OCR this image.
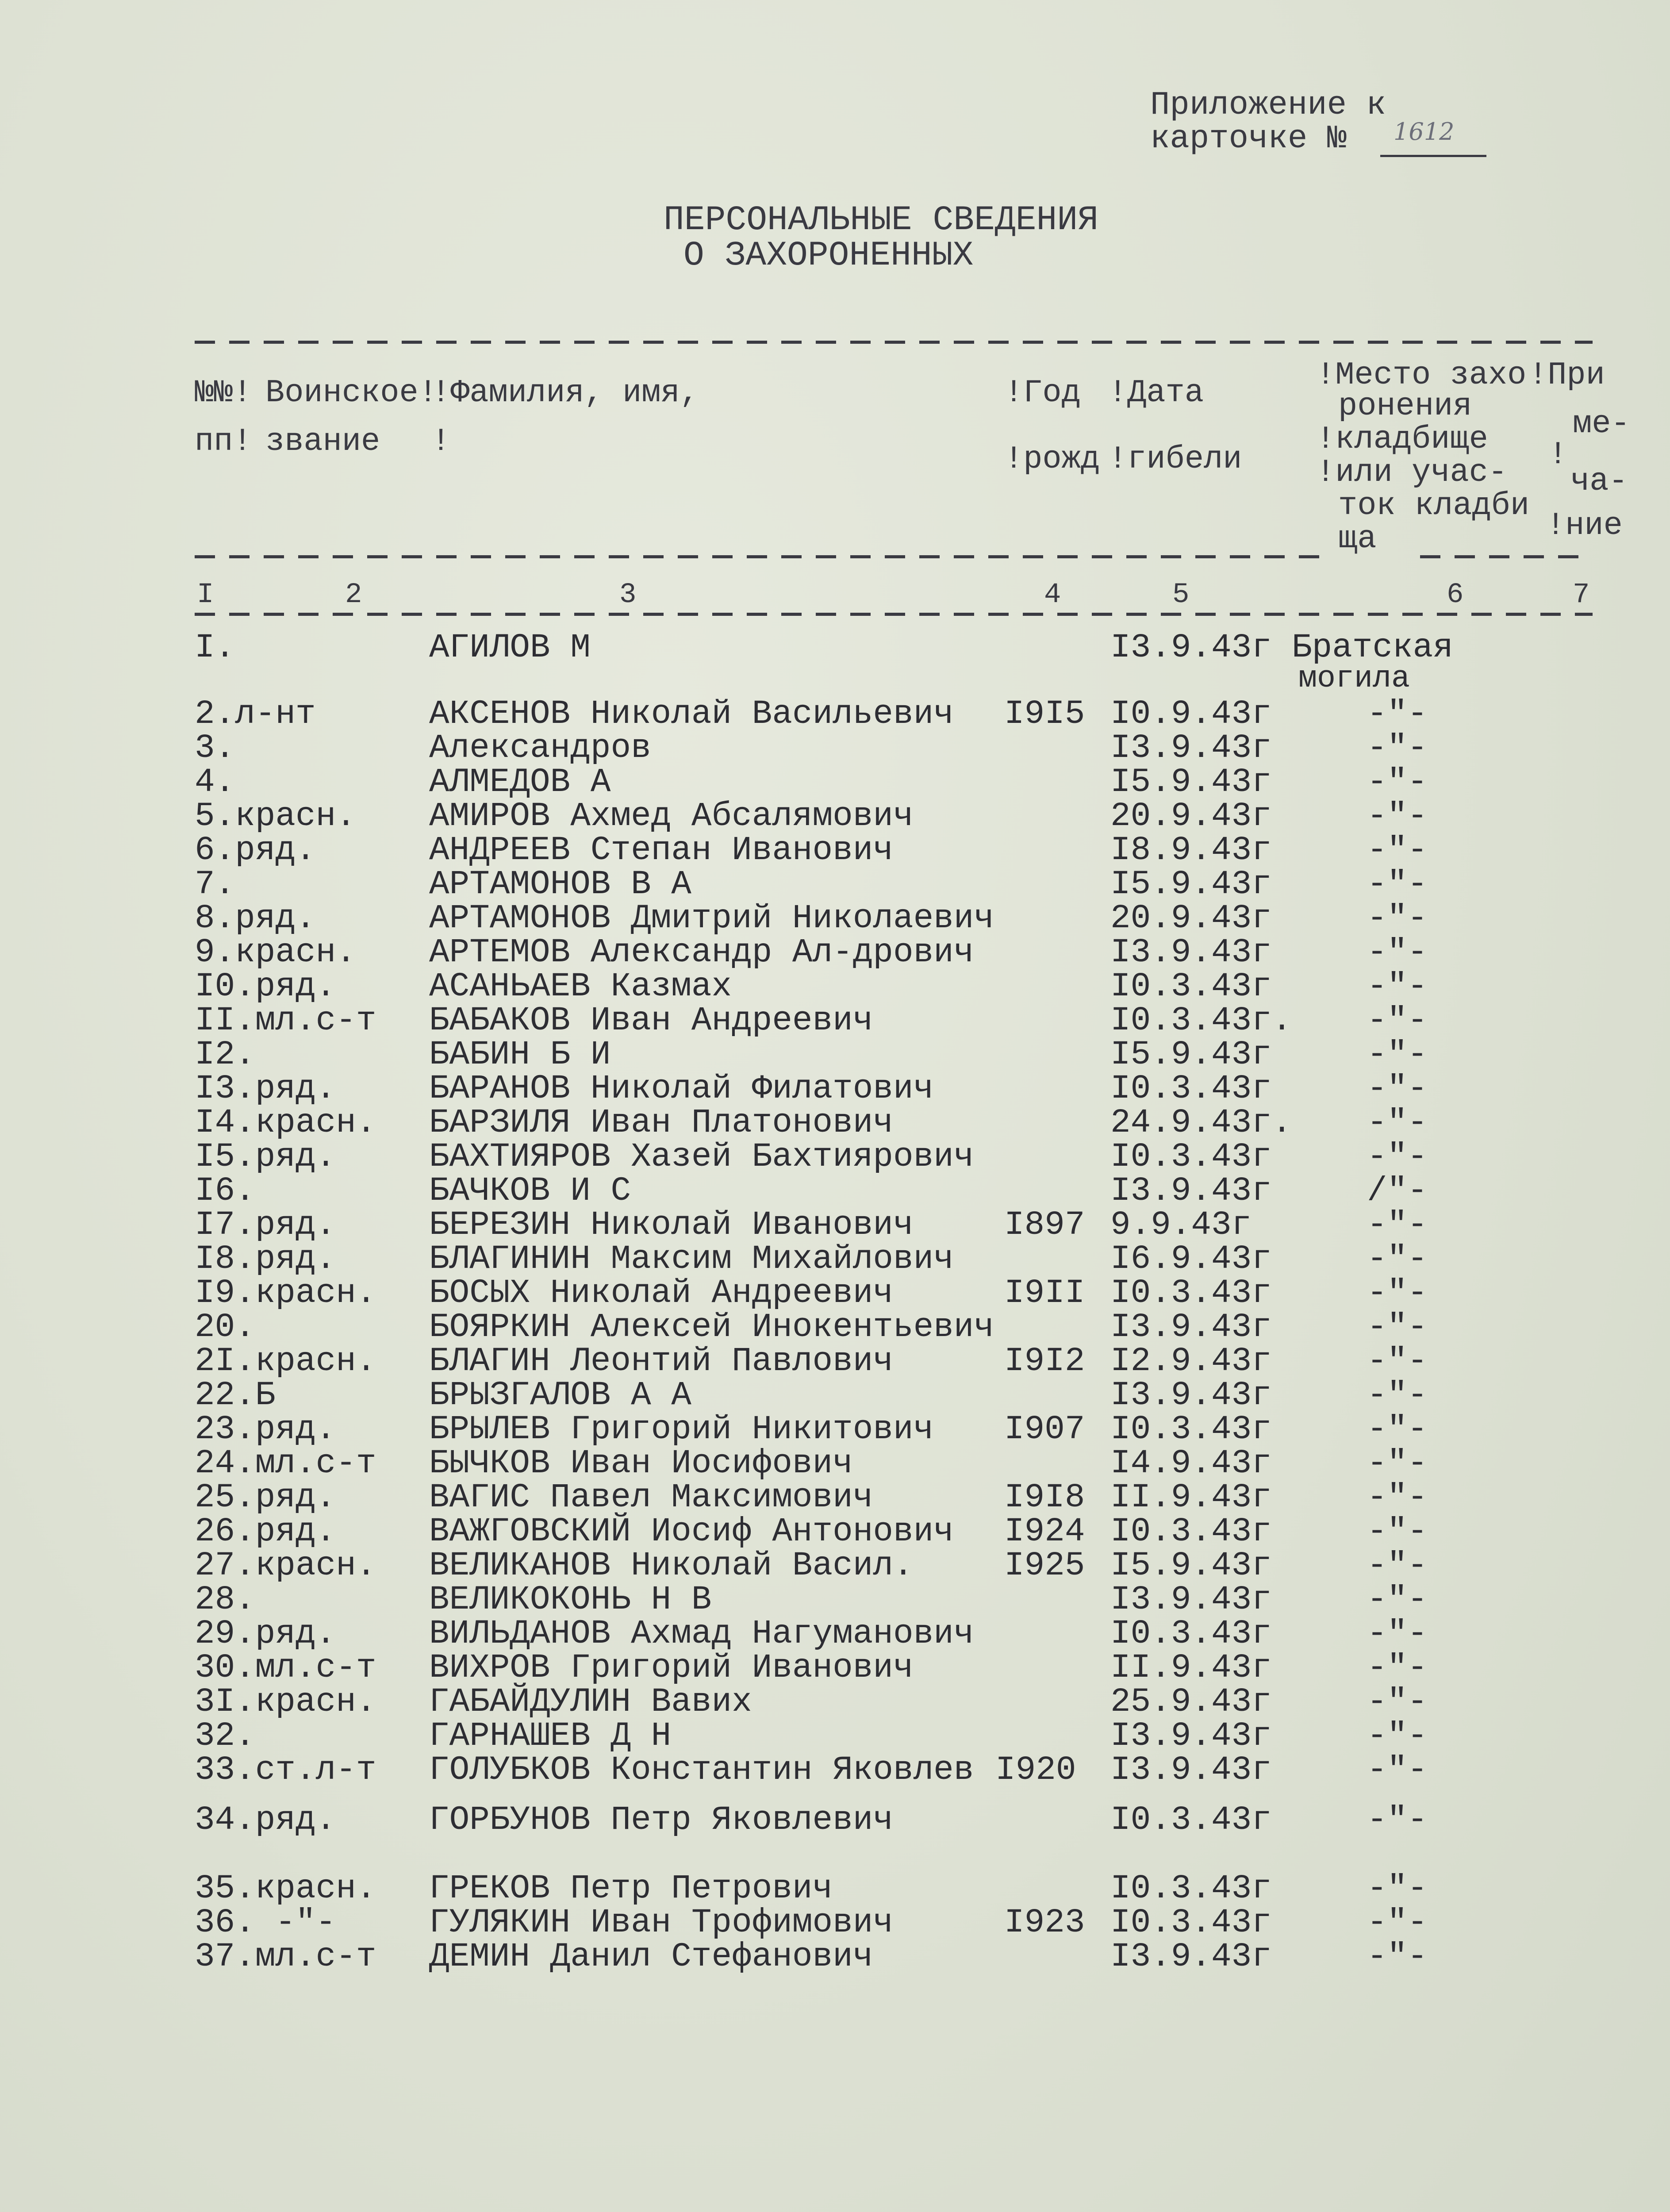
Приложение к
карточке № 1612
ПЕРСОНАЛЬНЫЕ СВЕДЕНИЯ
О ЗАХОРОНЕННЫХ
№№!
пп!
Воинское!
звание
!Фамилия, имя,
!
!Год
!рожд
!Дата
!гибели
!Место захо
ронения
!кладбище
!или учас-
ток кладби
ща
!При
ме-
!
ча-
!ние
I	2	3	4	5	6	7
I.	АГИЛОВ М	I3.9.43г Братская
могила
2.л-нт	АКСЕНОВ Николай Васильевич I9I5 I0.9.43г	-"-
3.	Александров	I3.9.43г	-"-
4.	АЛМЕДОВ А	I5.9.43г	-"-
5.красн. АМИРОВ Ахмед Абсалямович	20.9.43г	-"-
6.ряд.	АНДРЕЕВ Степан Иванович	I8.9.43г	-"-
7.	АРТАМОНОВ В А	I5.9.43г	-"-
8.ряд.	АРТАМОНОВ Дмитрий Николаевич	20.9.43г	-"-
9.красн. АРТЕМОВ Александр Ал-дрович	I3.9.43г	-"-
I0.ряд.	АСАНЬАЕВ Казмах	I0.3.43г	-"-
II.мл.с-т БАБАКОВ Иван Андреевич	I0.3.43г. -"-
I2.	БАБИН Б И	I5.9.43г	-"-
I3.ряд.	БАРАНОВ Николай Филатович	I0.3.43г	-"-
I4.красн. БАРЗИЛЯ Иван Платонович	24.9.43г. -"-
I5.ряд.	БАХТИЯРОВ Хазей Бахтиярович	I0.3.43г	-"-
I6.	БАЧКОВ И С	I3.9.43г	/"-
I7.ряд.	БЕРЕЗИН Николай Иванович	I897 9.9.43г	-"-
I8.ряд.	БЛАГИНИН Максим Михайлович	I6.9.43г	-"-
I9.красн. БОСЫХ Николай Андреевич	I9II I0.3.43г	-"-
20.	БОЯРКИН Алексей Инокентьевич	I3.9.43г	-"-
2I.красн. БЛАГИН Леонтий Павлович	I9I2 I2.9.43г	-"-
22.Б	БРЫЗГАЛОВ А А	I3.9.43г	-"-
23.ряд.	БРЫЛЕВ Григорий Никитович I907 I0.3.43г	-"-
24.мл.с-т БЫЧКОВ Иван Иосифович	I4.9.43г	-"-
25.ряд.	ВАГИС Павел Максимович	I9I8 II.9.43г	-"-
26.ряд.	ВАЖГОВСКИЙ Иосиф Антонович I924 I0.3.43г	-"-
27.красн. ВЕЛИКАНОВ Николай Васил.	I925 I5.9.43г	-"-
28.	ВЕЛИКОКОНЬ Н В	I3.9.43г	-"-
29.ряд.	ВИЛЬДАНОВ Ахмад Нагуманович	I0.3.43г	-"-
30.мл.с-т ВИХРОВ Григорий Иванович	II.9.43г	-"-
3I.красн. ГАБАЙДУЛИН Вавих	25.9.43г	-"-
32.	ГАРНАШЕВ Д Н	I3.9.43г	-"-
33.ст.л-т ГОЛУБКОВ Константин Яковлев I920 I3.9.43г	-"-
34.ряд.	ГОРБУНОВ Петр Яковлевич	I0.3.43г	-"-
35.красн. ГРЕКОВ Петр Петрович	I0.3.43г	-"-
36. -"-	ГУЛЯКИН Иван Трофимович	I923 I0.3.43г	-"-
37.мл.с-т ДЕМИН Данил Стефанович	I3.9.43г	-"-
